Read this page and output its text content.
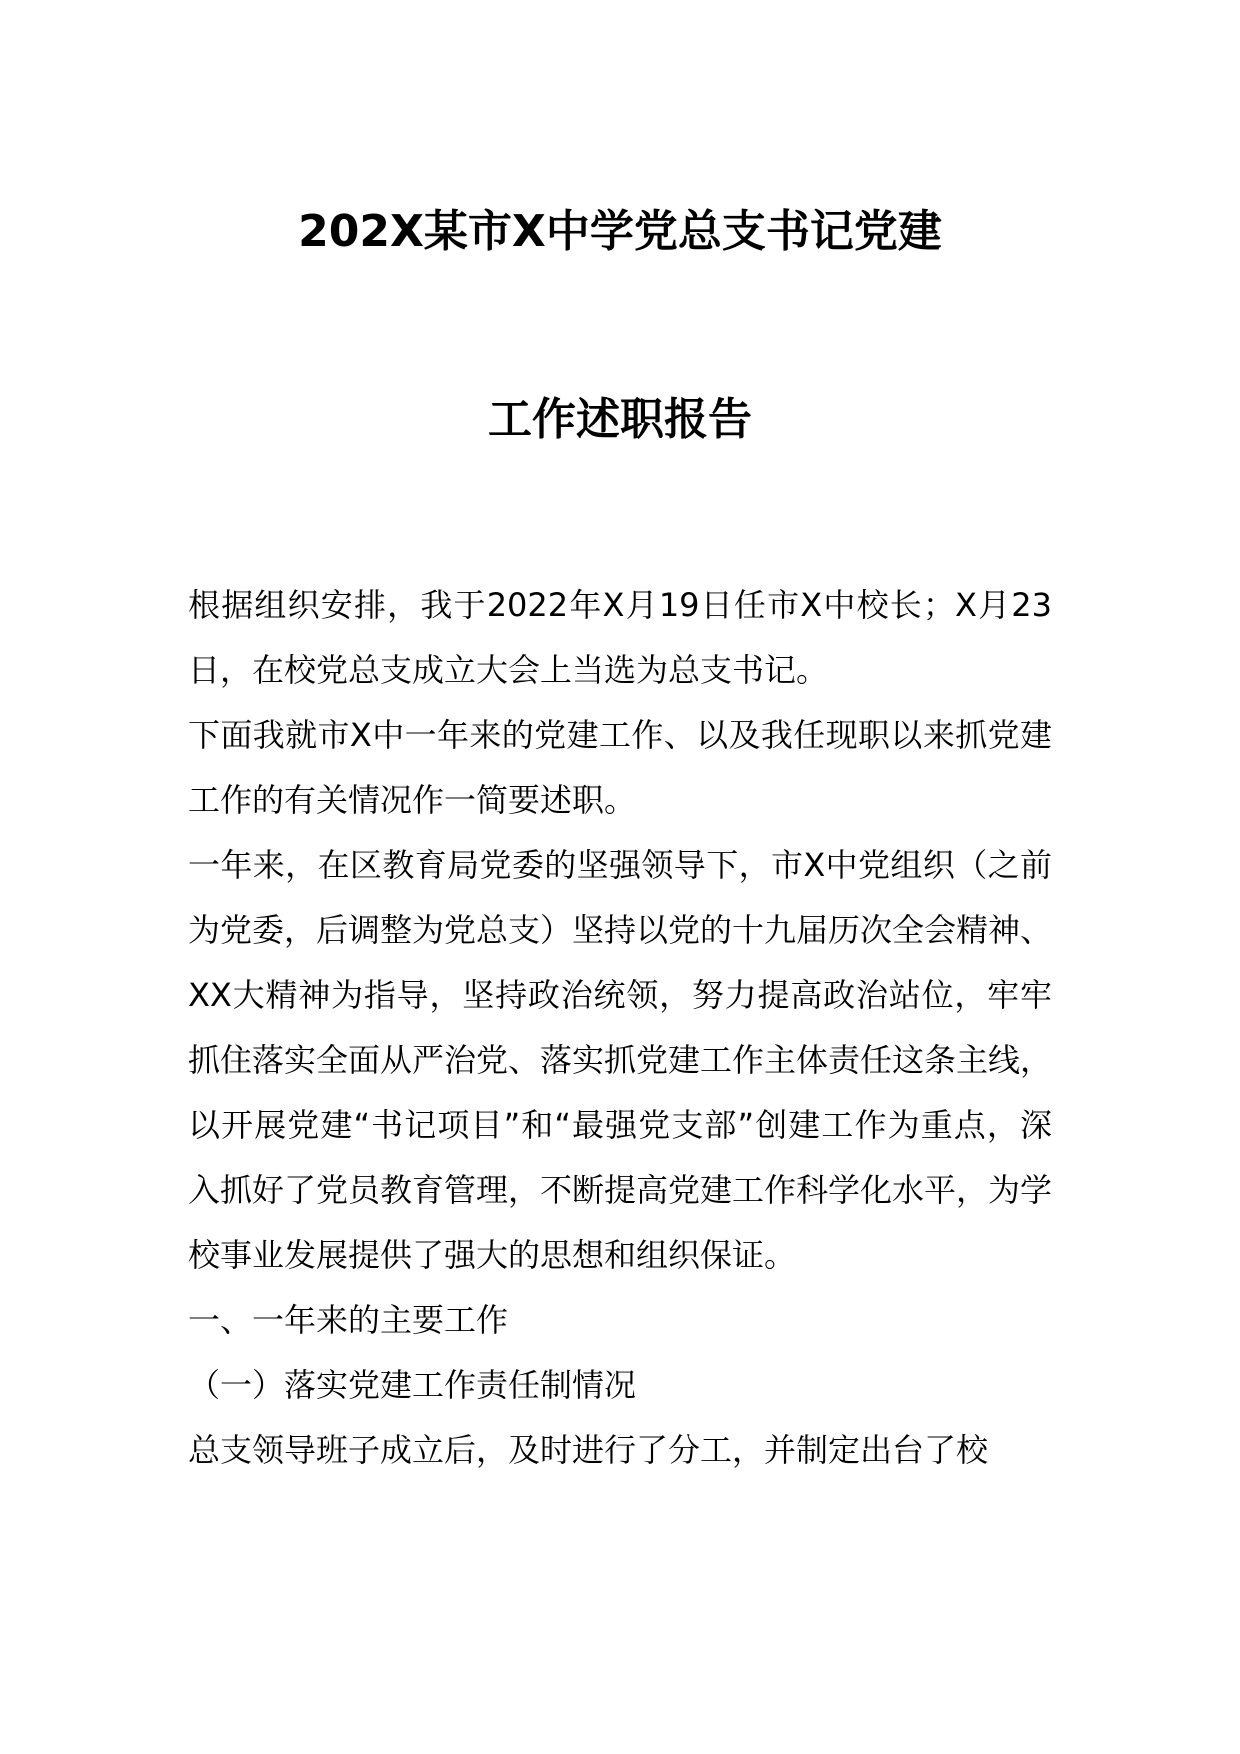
202X某市X中学党总支书记党建
工作述职报告

根据组织安排，我于2022年X月19日任市X中校长；X月23日，在校党总支成立大会上当选为总支书记。

下面我就市X中一年来的党建工作、以及我任现职以来抓党建工作的有关情况作一简要述职。

一年来，在区教育局党委的坚强领导下，市X中党组织（之前为党委，后调整为党总支）坚持以党的十九届历次全会精神、XX大精神为指导，坚持政治统领，努力提高政治站位，牢牢抓住落实全面从严治党、落实抓党建工作主体责任这条主线，以开展党建“书记项目”和“最强党支部”创建工作为重点，深入抓好了党员教育管理，不断提高党建工作科学化水平，为学校事业发展提供了强大的思想和组织保证。

一、一年来的主要工作

（一）落实党建工作责任制情况

总支领导班子成立后，及时进行了分工，并制定出台了校
